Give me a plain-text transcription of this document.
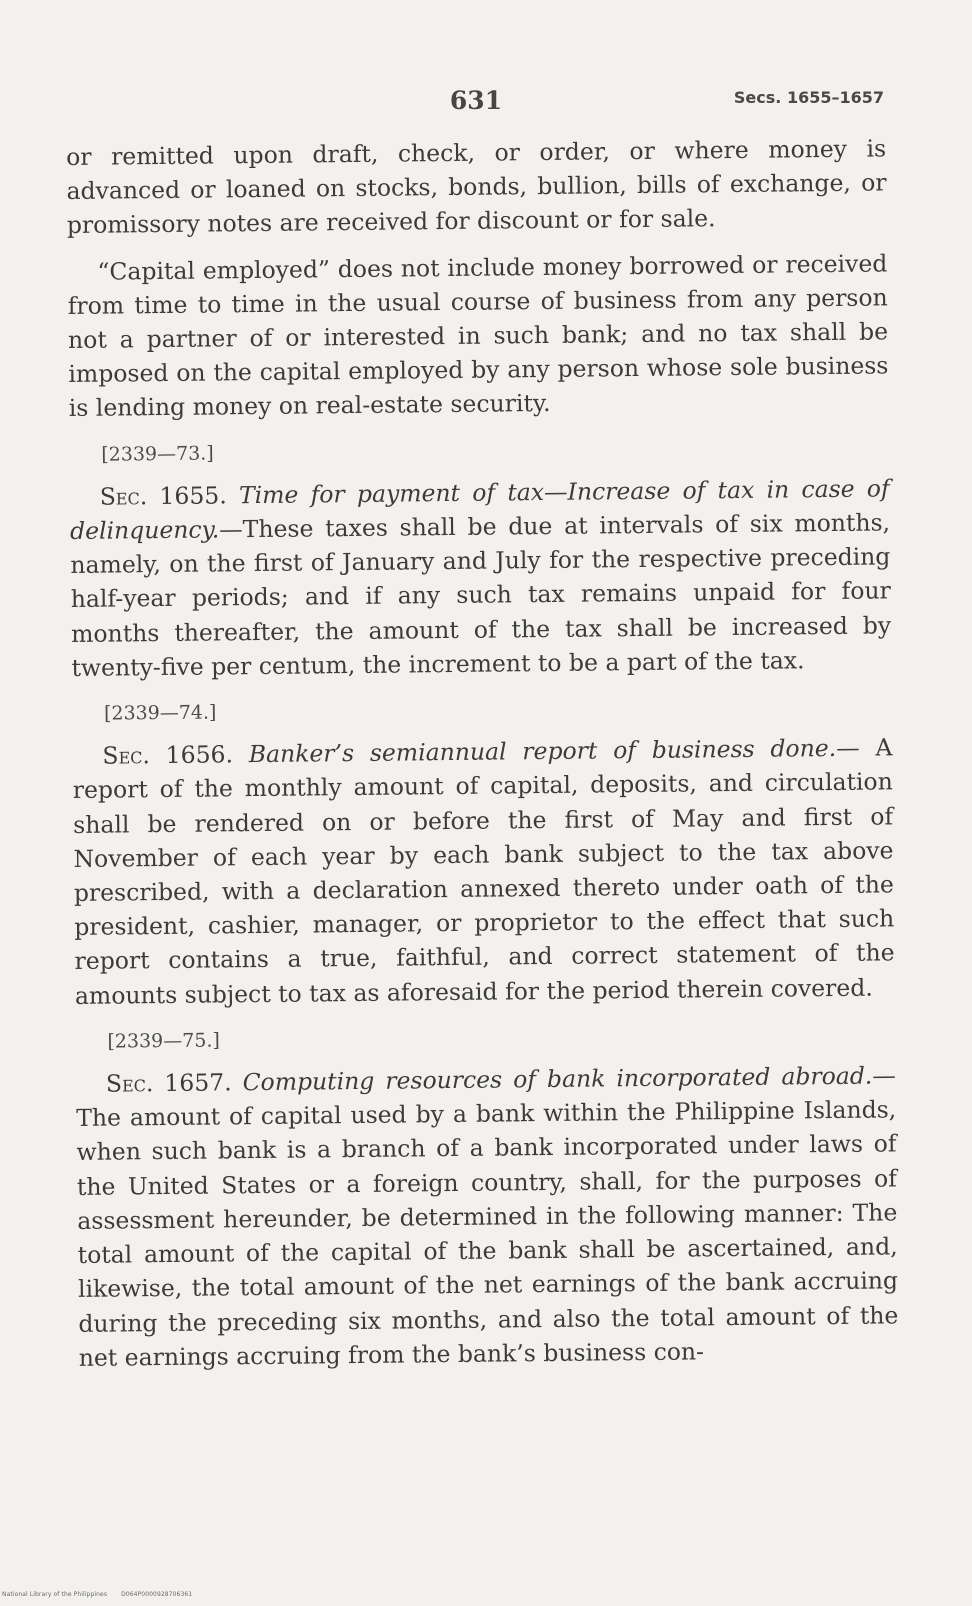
631	Secs. 1655–1657

or remitted upon draft, check, or order, or where money is advanced or loaned on stocks, bonds, bullion, bills of exchange, or promissory notes are received for discount or for sale.

“Capital employed” does not include money borrowed or received from time to time in the usual course of business from any person not a partner of or interested in such bank; and no tax shall be imposed on the capital employed by any person whose sole business is lending money on real-estate security.

[2339—73.]

Sec. 1655. Time for payment of tax—Increase of tax in case of delinquency.—These taxes shall be due at intervals of six months, namely, on the first of January and July for the respective preceding half-year periods; and if any such tax remains unpaid for four months thereafter, the amount of the tax shall be increased by twenty-five per centum, the increment to be a part of the tax.

[2339—74.]

Sec. 1656. Banker’s semiannual report of business done.— A report of the monthly amount of capital, deposits, and circulation shall be rendered on or before the first of May and first of November of each year by each bank subject to the tax above prescribed, with a declaration annexed thereto under oath of the president, cashier, manager, or proprietor to the effect that such report contains a true, faithful, and correct statement of the amounts subject to tax as aforesaid for the period therein covered.

[2339—75.]

Sec. 1657. Computing resources of bank incorporated abroad.—The amount of capital used by a bank within the Philippine Islands, when such bank is a branch of a bank incorporated under laws of the United States or a foreign country, shall, for the purposes of assessment hereunder, be determined in the following manner: The total amount of the capital of the bank shall be ascertained, and, likewise, the total amount of the net earnings of the bank accruing during the preceding six months, and also the total amount of the net earnings accruing from the bank’s business con-

National Library of the Philippines D064P0000928706361
